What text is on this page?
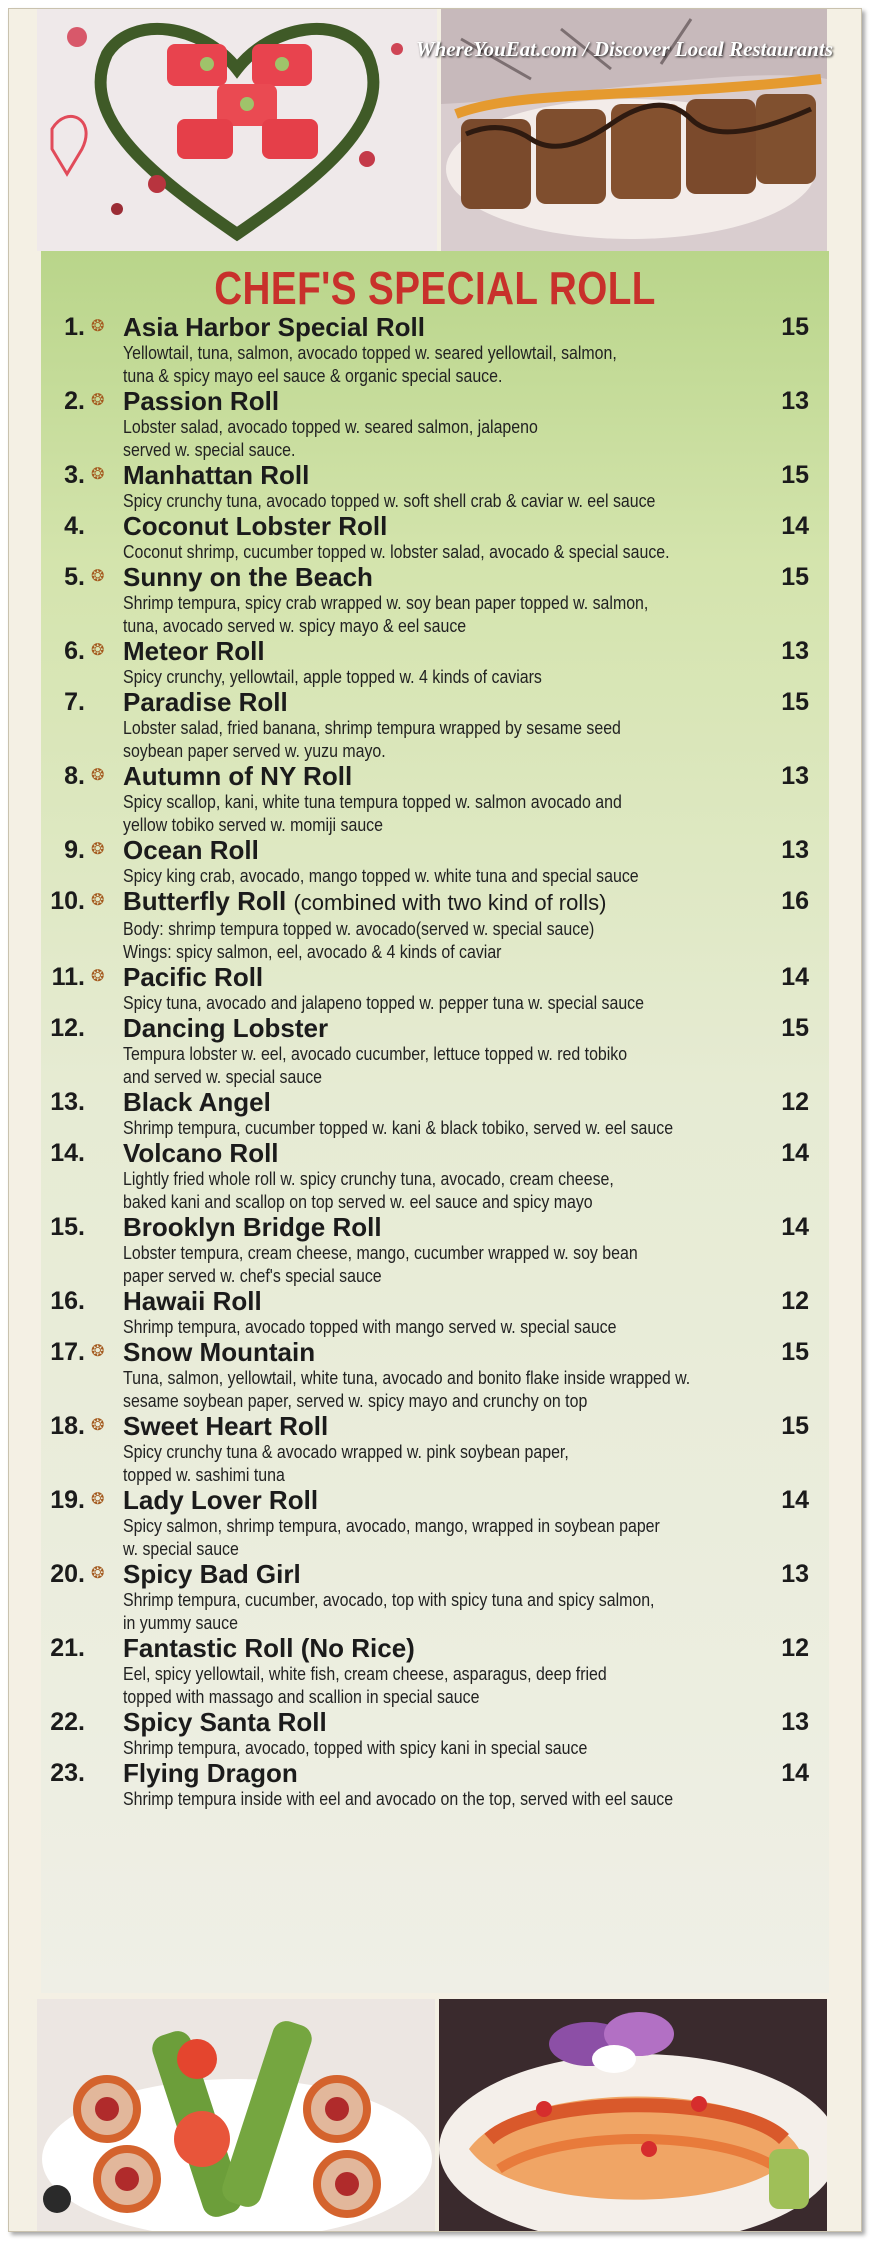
WhereYouEat.com / Discover Local Restaurants
CHEF'S SPECIAL ROLL
1. ❂ Asia Harbor Special Roll	15
Yellowtail, tuna, salmon, avocado topped w. seared yellowtail, salmon,
tuna & spicy mayo eel sauce & organic special sauce.
2. ❂ Passion Roll	13
Lobster salad, avocado topped w. seared salmon, jalapeno
served w. special sauce.
3. ❂ Manhattan Roll	15
Spicy crunchy tuna, avocado topped w. soft shell crab & caviar w. eel sauce
4. Coconut Lobster Roll	14
Coconut shrimp, cucumber topped w. lobster salad, avocado & special sauce.
5. ❂ Sunny on the Beach	15
Shrimp tempura, spicy crab wrapped w. soy bean paper topped w. salmon,
tuna, avocado served w. spicy mayo & eel sauce
6. ❂ Meteor Roll	13
Spicy crunchy, yellowtail, apple topped w. 4 kinds of caviars
7. Paradise Roll	15
Lobster salad, fried banana, shrimp tempura wrapped by sesame seed
soybean paper served w. yuzu mayo.
8. ❂ Autumn of NY Roll	13
Spicy scallop, kani, white tuna tempura topped w. salmon avocado and
yellow tobiko served w. momiji sauce
9. ❂ Ocean Roll	13
Spicy king crab, avocado, mango topped w. white tuna and special sauce
10. ❂ Butterfly Roll (combined with two kind of rolls)	16
Body: shrimp tempura topped w. avocado(served w. special sauce)
Wings: spicy salmon, eel, avocado & 4 kinds of caviar
11. ❂ Pacific Roll	14
Spicy tuna, avocado and jalapeno topped w. pepper tuna w. special sauce
12. Dancing Lobster	15
Tempura lobster w. eel, avocado cucumber, lettuce topped w. red tobiko
and served w. special sauce
13. Black Angel	12
Shrimp tempura, cucumber topped w. kani & black tobiko, served w. eel sauce
14. Volcano Roll	14
Lightly fried whole roll w. spicy crunchy tuna, avocado, cream cheese,
baked kani and scallop on top served w. eel sauce and spicy mayo
15. Brooklyn Bridge Roll	14
Lobster tempura, cream cheese, mango, cucumber wrapped w. soy bean
paper served w. chef's special sauce
16. Hawaii Roll	12
Shrimp tempura, avocado topped with mango served w. special sauce
17. ❂ Snow Mountain	15
Tuna, salmon, yellowtail, white tuna, avocado and bonito flake inside wrapped w.
sesame soybean paper, served w. spicy mayo and crunchy on top
18. ❂ Sweet Heart Roll	15
Spicy crunchy tuna & avocado wrapped w. pink soybean paper,
topped w. sashimi tuna
19. ❂ Lady Lover Roll	14
Spicy salmon, shrimp tempura, avocado, mango, wrapped in soybean paper
w. special sauce
20. ❂ Spicy Bad Girl	13
Shrimp tempura, cucumber, avocado, top with spicy tuna and spicy salmon,
in yummy sauce
21. Fantastic Roll (No Rice)	12
Eel, spicy yellowtail, white fish, cream cheese, asparagus, deep fried
topped with massago and scallion in special sauce
22. Spicy Santa Roll	13
Shrimp tempura, avocado, topped with spicy kani in special sauce
23. Flying Dragon	14
Shrimp tempura inside with eel and avocado on the top, served with eel sauce
